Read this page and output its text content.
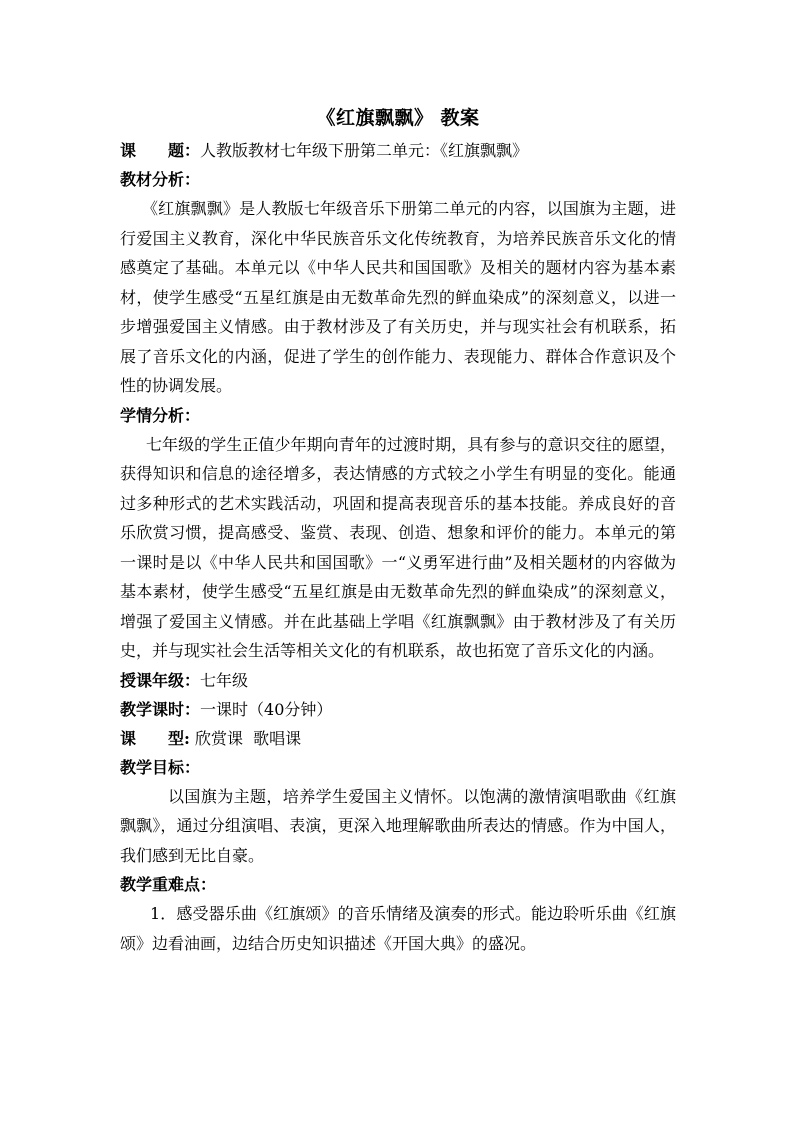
《红旗飘飘》 教案

课　　题：人教版教材七年级下册第二单元：《红旗飘飘》

教材分析：

《红旗飘飘》是人教版七年级音乐下册第二单元的内容，以国旗为主题，进行爱国主义教育，深化中华民族音乐文化传统教育，为培养民族音乐文化的情感奠定了基础。本单元以《中华人民共和国国歌》及相关的题材内容为基本素材，使学生感受“五星红旗是由无数革命先烈的鲜血染成”的深刻意义，以进一步增强爱国主义情感。由于教材涉及了有关历史，并与现实社会有机联系，拓展了音乐文化的内涵，促进了学生的创作能力、表现能力、群体合作意识及个性的协调发展。

学情分析：

七年级的学生正值少年期向青年的过渡时期，具有参与的意识交往的愿望，获得知识和信息的途径增多，表达情感的方式较之小学生有明显的变化。能通过多种形式的艺术实践活动，巩固和提高表现音乐的基本技能。养成良好的音乐欣赏习惯，提高感受、鉴赏、表现、创造、想象和评价的能力。本单元的第一课时是以《中华人民共和国国歌》一“义勇军进行曲”及相关题材的内容做为基本素材，使学生感受“五星红旗是由无数革命先烈的鲜血染成”的深刻意义，增强了爱国主义情感。并在此基础上学唱《红旗飘飘》由于教材涉及了有关历史，并与现实社会生活等相关文化的有机联系，故也拓宽了音乐文化的内涵。

授课年级：七年级

教学课时：一课时（40分钟）

课　　型: 欣赏课  歌唱课

教学目标：

以国旗为主题，培养学生爱国主义情怀。以饱满的激情演唱歌曲《红旗飘飘》，通过分组演唱、表演，更深入地理解歌曲所表达的情感。作为中国人，我们感到无比自豪。

教学重难点：

1．感受器乐曲《红旗颂》的音乐情绪及演奏的形式。能边聆听乐曲《红旗颂》边看油画，边结合历史知识描述《开国大典》的盛况。
